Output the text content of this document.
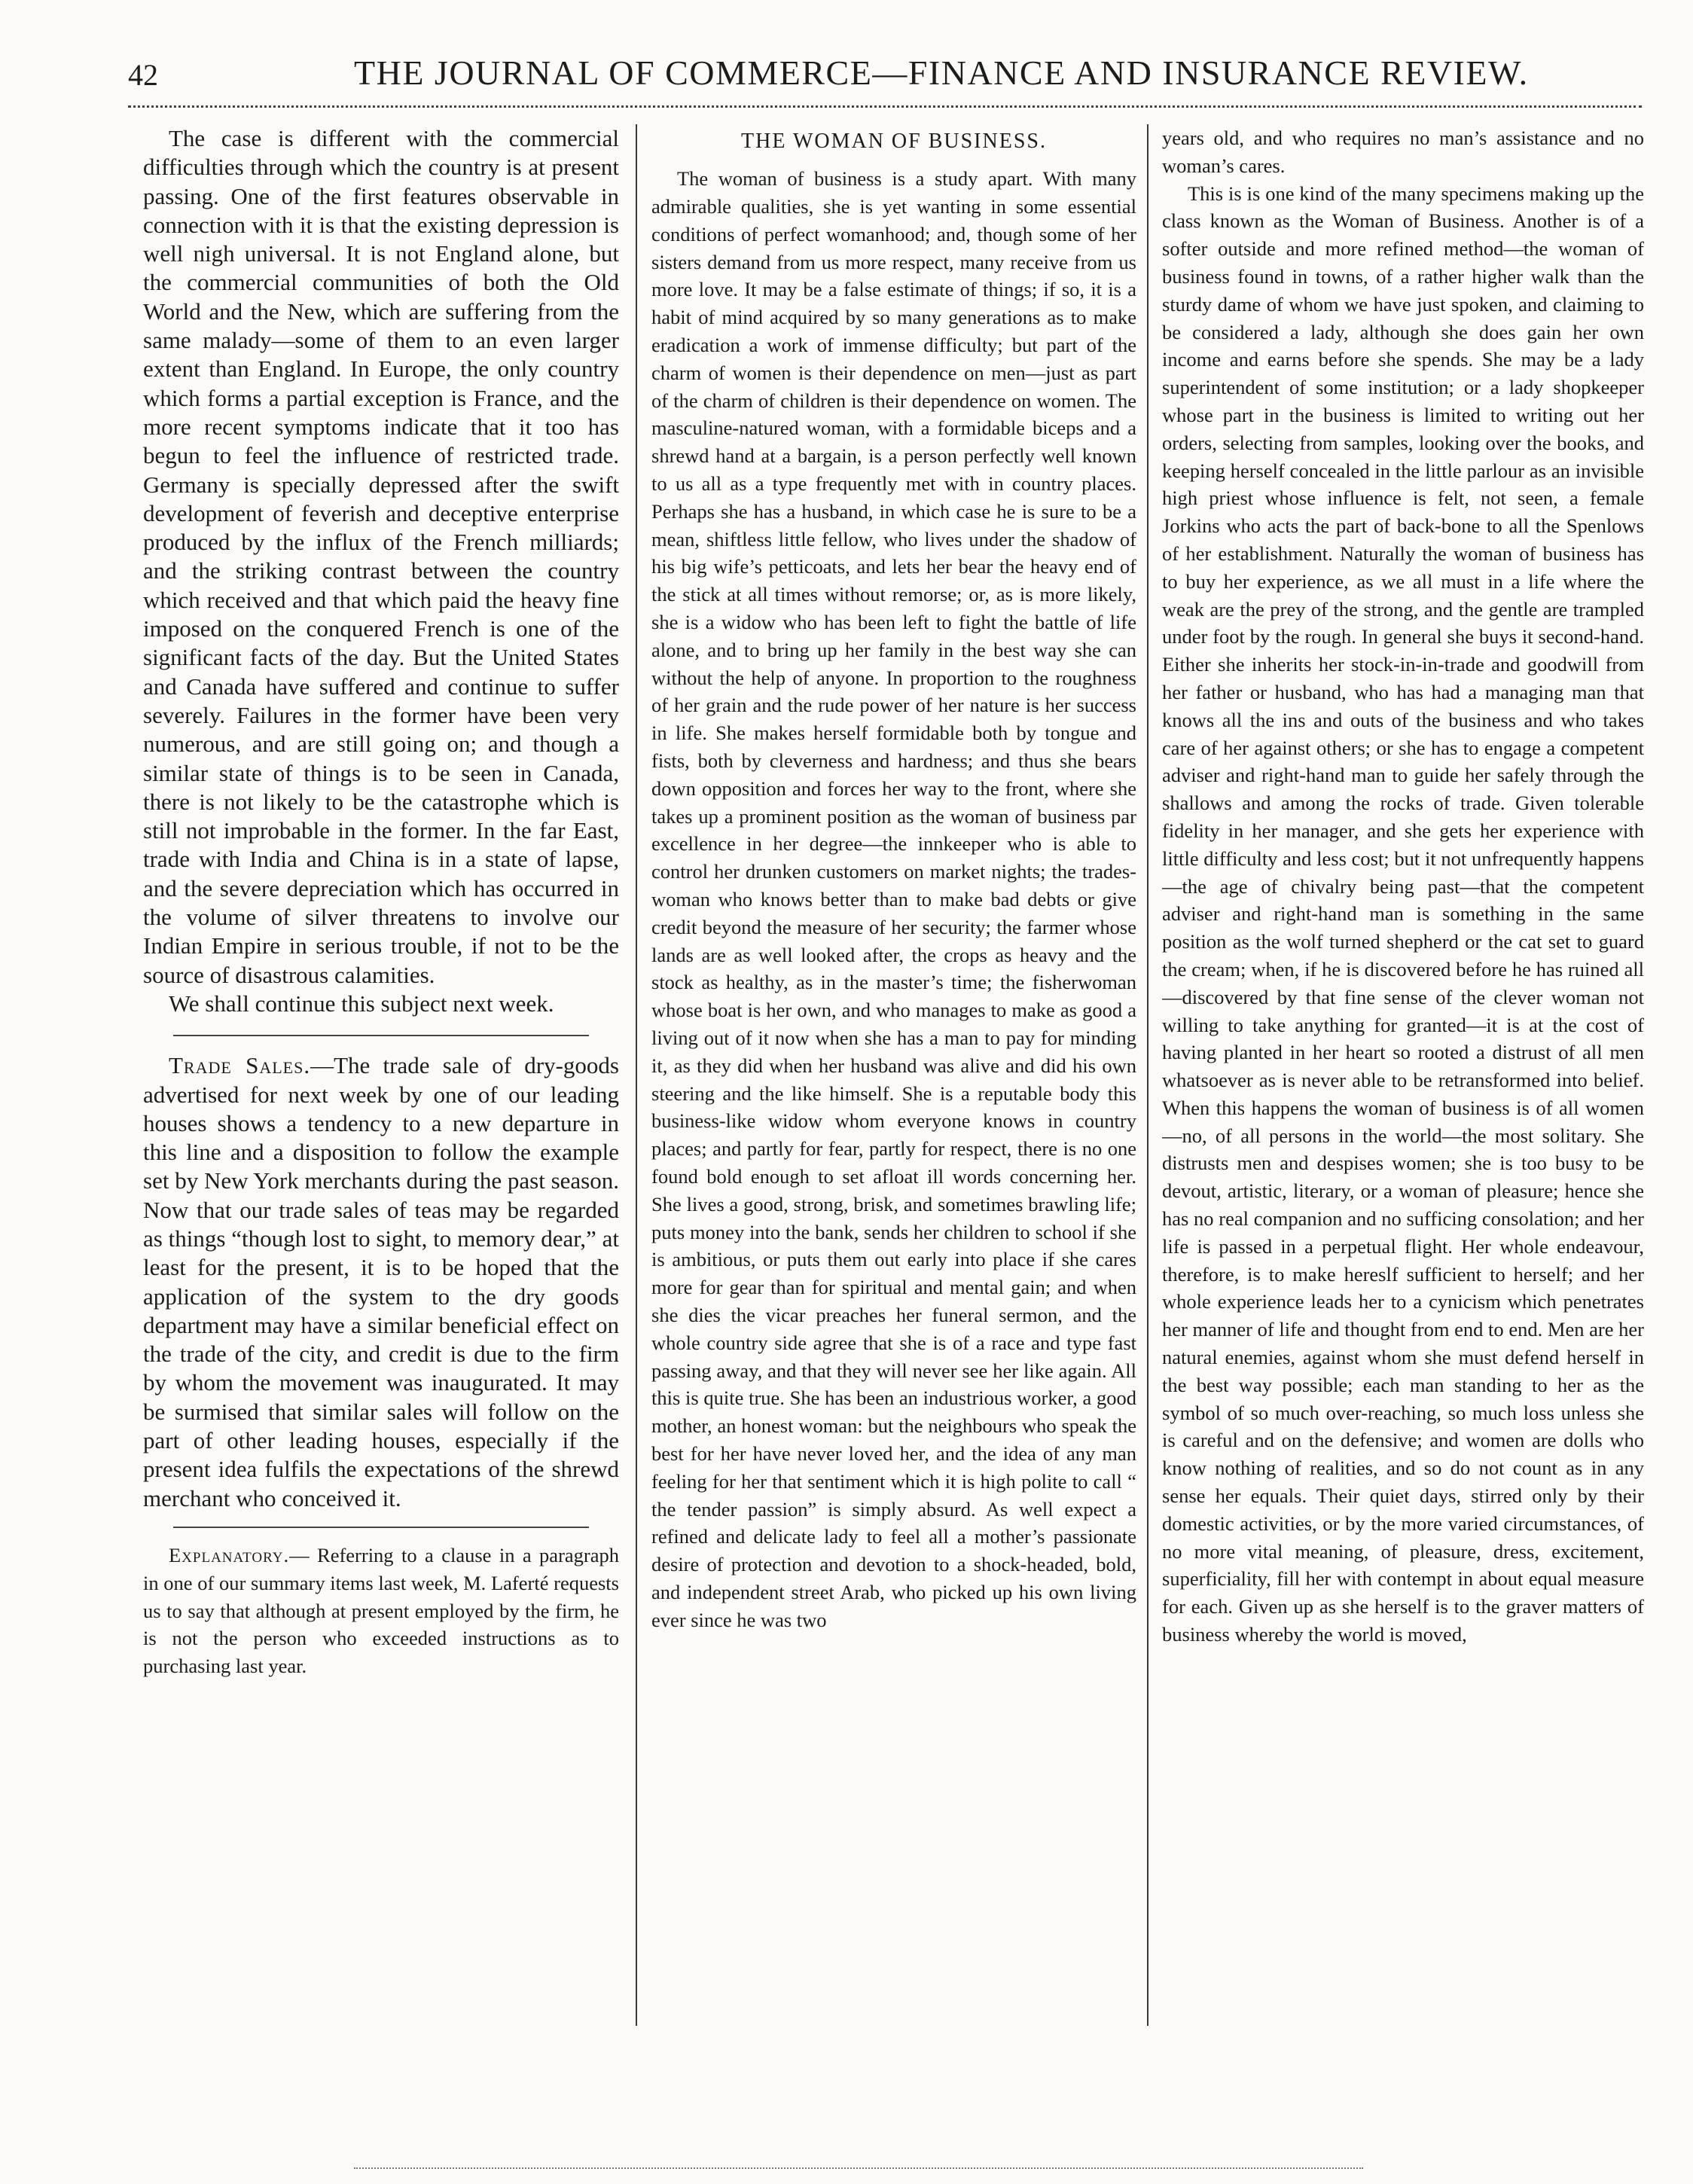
42	THE JOURNAL OF COMMERCE—FINANCE AND INSURANCE REVIEW.

The case is different with the commercial difficulties through which the country is at present passing. One of the first features observable in connection with it is that the existing depression is well nigh universal. It is not England alone, but the commercial communities of both the Old World and the New, which are suffering from the same malady—some of them to an even larger extent than England. In Europe, the only country which forms a partial exception is France, and the more recent symptoms indicate that it too has begun to feel the influence of restricted trade. Germany is specially depressed after the swift development of feverish and deceptive enterprise produced by the influx of the French milliards; and the striking contrast between the country which received and that which paid the heavy fine imposed on the conquered French is one of the significant facts of the day. But the United States and Canada have suffered and continue to suffer severely. Failures in the former have been very numerous, and are still going on; and though a similar state of things is to be seen in Canada, there is not likely to be the catastrophe which is still not improbable in the former. In the far East, trade with India and China is in a state of lapse, and the severe depreciation which has occurred in the volume of silver threatens to involve our Indian Empire in serious trouble, if not to be the source of disastrous calamities.

We shall continue this subject next week.

Trade Sales.—The trade sale of dry-goods advertised for next week by one of our leading houses shows a tendency to a new departure in this line and a disposition to follow the example set by New York merchants during the past season. Now that our trade sales of teas may be regarded as things “though lost to sight, to memory dear,” at least for the present, it is to be hoped that the application of the system to the dry goods department may have a similar beneficial effect on the trade of the city, and credit is due to the firm by whom the movement was inaugurated. It may be surmised that similar sales will follow on the part of other leading houses, especially if the present idea fulfils the expectations of the shrewd merchant who conceived it.

Explanatory.— Referring to a clause in a paragraph in one of our summary items last week, M. Laferté requests us to say that although at present employed by the firm, he is not the person who exceeded instructions as to purchasing last year.

THE WOMAN OF BUSINESS.

The woman of business is a study apart. With many admirable qualities, she is yet wanting in some essential conditions of perfect womanhood; and, though some of her sisters demand from us more respect, many receive from us more love. It may be a false estimate of things; if so, it is a habit of mind acquired by so many generations as to make eradication a work of immense difficulty; but part of the charm of women is their dependence on men—just as part of the charm of children is their dependence on women. The masculine-natured woman, with a formidable biceps and a shrewd hand at a bargain, is a person perfectly well known to us all as a type frequently met with in country places. Perhaps she has a husband, in which case he is sure to be a mean, shiftless little fellow, who lives under the shadow of his big wife’s petticoats, and lets her bear the heavy end of the stick at all times without remorse; or, as is more likely, she is a widow who has been left to fight the battle of life alone, and to bring up her family in the best way she can without the help of anyone. In proportion to the roughness of her grain and the rude power of her nature is her success in life. She makes herself formidable both by tongue and fists, both by cleverness and hardness; and thus she bears down opposition and forces her way to the front, where she takes up a prominent position as the woman of business par excellence in her degree—the innkeeper who is able to control her drunken customers on market nights; the trades-woman who knows better than to make bad debts or give credit beyond the measure of her security; the farmer whose lands are as well looked after, the crops as heavy and the stock as healthy, as in the master’s time; the fisherwoman whose boat is her own, and who manages to make as good a living out of it now when she has a man to pay for minding it, as they did when her husband was alive and did his own steering and the like himself. She is a reputable body this business-like widow whom everyone knows in country places; and partly for fear, partly for respect, there is no one found bold enough to set afloat ill words concerning her. She lives a good, strong, brisk, and sometimes brawling life; puts money into the bank, sends her children to school if she is ambitious, or puts them out early into place if she cares more for gear than for spiritual and mental gain; and when she dies the vicar preaches her funeral sermon, and the whole country side agree that she is of a race and type fast passing away, and that they will never see her like again. All this is quite true. She has been an industrious worker, a good mother, an honest woman: but the neighbours who speak the best for her have never loved her, and the idea of any man feeling for her that sentiment which it is high polite to call “ the tender passion” is simply absurd. As well expect a refined and delicate lady to feel all a mother’s passionate desire of protection and devotion to a shock-headed, bold, and independent street Arab, who picked up his own living ever since he was two

years old, and who requires no man’s assistance and no woman’s cares.

This is is one kind of the many specimens making up the class known as the Woman of Business. Another is of a softer outside and more refined method—the woman of business found in towns, of a rather higher walk than the sturdy dame of whom we have just spoken, and claiming to be considered a lady, although she does gain her own income and earns before she spends. She may be a lady superintendent of some institution; or a lady shopkeeper whose part in the business is limited to writing out her orders, selecting from samples, looking over the books, and keeping herself concealed in the little parlour as an invisible high priest whose influence is felt, not seen, a female Jorkins who acts the part of back-bone to all the Spenlows of her establishment. Naturally the woman of business has to buy her experience, as we all must in a life where the weak are the prey of the strong, and the gentle are trampled under foot by the rough. In general she buys it second-hand. Either she inherits her stock-in-in-trade and goodwill from her father or husband, who has had a managing man that knows all the ins and outs of the business and who takes care of her against others; or she has to engage a competent adviser and right-hand man to guide her safely through the shallows and among the rocks of trade. Given tolerable fidelity in her manager, and she gets her experience with little difficulty and less cost; but it not unfrequently happens—the age of chivalry being past—that the competent adviser and right-hand man is something in the same position as the wolf turned shepherd or the cat set to guard the cream; when, if he is discovered before he has ruined all—discovered by that fine sense of the clever woman not willing to take anything for granted—it is at the cost of having planted in her heart so rooted a distrust of all men whatsoever as is never able to be retransformed into belief. When this happens the woman of business is of all women—no, of all persons in the world—the most solitary. She distrusts men and despises women; she is too busy to be devout, artistic, literary, or a woman of pleasure; hence she has no real companion and no sufficing consolation; and her life is passed in a perpetual flight. Her whole endeavour, therefore, is to make hereslf sufficient to herself; and her whole experience leads her to a cynicism which penetrates her manner of life and thought from end to end. Men are her natural enemies, against whom she must defend herself in the best way possible; each man standing to her as the symbol of so much over-reaching, so much loss unless she is careful and on the defensive; and women are dolls who know nothing of realities, and so do not count as in any sense her equals. Their quiet days, stirred only by their domestic activities, or by the more varied circumstances, of no more vital meaning, of pleasure, dress, excitement, superficiality, fill her with contempt in about equal measure for each. Given up as she herself is to the graver matters of business whereby the world is moved,
